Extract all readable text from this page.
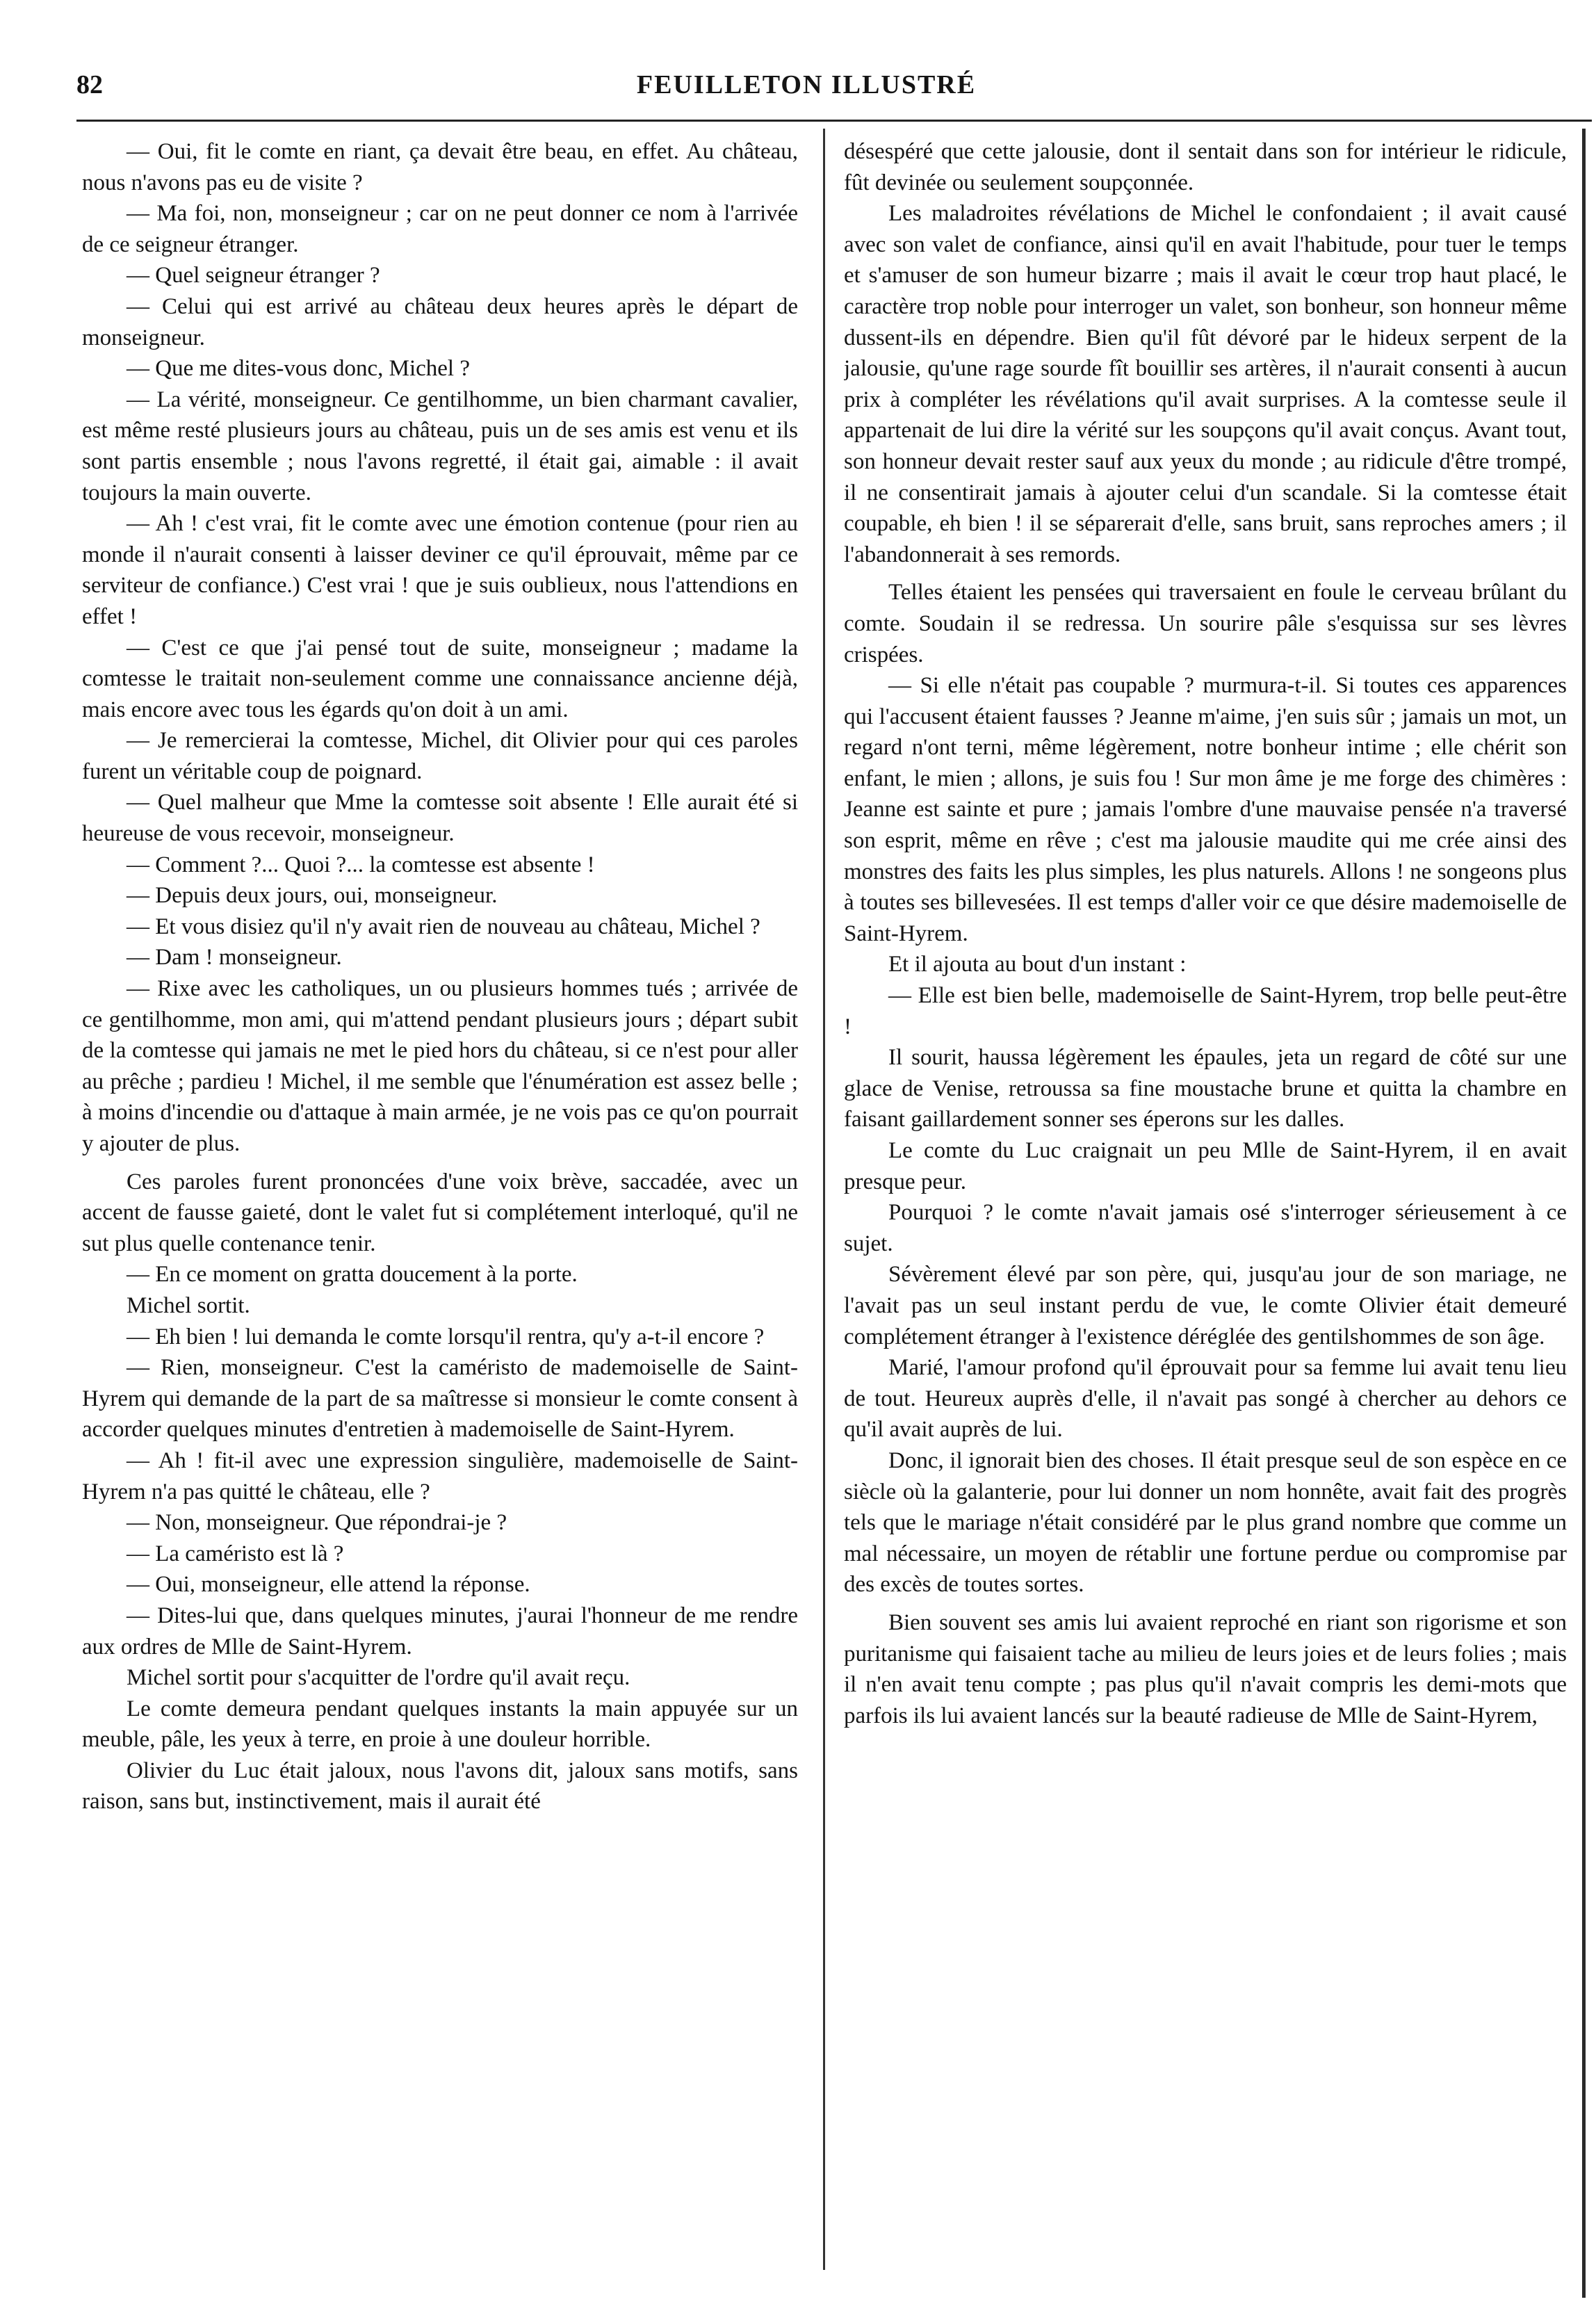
82	FEUILLETON ILLUSTRÉ

— Oui, fit le comte en riant, ça devait être beau, en effet. Au château, nous n'avons pas eu de visite ?

— Ma foi, non, monseigneur ; car on ne peut donner ce nom à l'arrivée de ce seigneur étranger.

— Quel seigneur étranger ?

— Celui qui est arrivé au château deux heures après le départ de monseigneur.

— Que me dites-vous donc, Michel ?

— La vérité, monseigneur. Ce gentilhomme, un bien charmant cavalier, est même resté plusieurs jours au château, puis un de ses amis est venu et ils sont partis ensemble ; nous l'avons regretté, il était gai, aimable : il avait toujours la main ouverte.

— Ah ! c'est vrai, fit le comte avec une émotion contenue (pour rien au monde il n'aurait consenti à laisser deviner ce qu'il éprouvait, même par ce serviteur de confiance.) C'est vrai ! que je suis oublieux, nous l'attendions en effet !

— C'est ce que j'ai pensé tout de suite, monseigneur ; madame la comtesse le traitait non-seulement comme une connaissance ancienne déjà, mais encore avec tous les égards qu'on doit à un ami.

— Je remercierai la comtesse, Michel, dit Olivier pour qui ces paroles furent un véritable coup de poignard.

— Quel malheur que Mme la comtesse soit absente ! Elle aurait été si heureuse de vous recevoir, monseigneur.

— Comment ?... Quoi ?... la comtesse est absente !

— Depuis deux jours, oui, monseigneur.

— Et vous disiez qu'il n'y avait rien de nouveau au château, Michel ?

— Dam ! monseigneur.

— Rixe avec les catholiques, un ou plusieurs hommes tués ; arrivée de ce gentilhomme, mon ami, qui m'attend pendant plusieurs jours ; départ subit de la comtesse qui jamais ne met le pied hors du château, si ce n'est pour aller au prêche ; pardieu ! Michel, il me semble que l'énumération est assez belle ; à moins d'incendie ou d'attaque à main armée, je ne vois pas ce qu'on pourrait y ajouter de plus.

Ces paroles furent prononcées d'une voix brève, saccadée, avec un accent de fausse gaieté, dont le valet fut si complétement interloqué, qu'il ne sut plus quelle contenance tenir.

— En ce moment on gratta doucement à la porte.

Michel sortit.

— Eh bien ! lui demanda le comte lorsqu'il rentra, qu'y a-t-il encore ?

— Rien, monseigneur. C'est la caméristo de mademoiselle de Saint-Hyrem qui demande de la part de sa maîtresse si monsieur le comte consent à accorder quelques minutes d'entretien à mademoiselle de Saint-Hyrem.

— Ah ! fit-il avec une expression singulière, mademoiselle de Saint-Hyrem n'a pas quitté le château, elle ?

— Non, monseigneur. Que répondrai-je ?

— La caméristo est là ?

— Oui, monseigneur, elle attend la réponse.

— Dites-lui que, dans quelques minutes, j'aurai l'honneur de me rendre aux ordres de Mlle de Saint-Hyrem.

Michel sortit pour s'acquitter de l'ordre qu'il avait reçu.

Le comte demeura pendant quelques instants la main appuyée sur un meuble, pâle, les yeux à terre, en proie à une douleur horrible.

Olivier du Luc était jaloux, nous l'avons dit, jaloux sans motifs, sans raison, sans but, instinctivement, mais il aurait été

désespéré que cette jalousie, dont il sentait dans son for intérieur le ridicule, fût devinée ou seulement soupçonnée.

Les maladroites révélations de Michel le confondaient ; il avait causé avec son valet de confiance, ainsi qu'il en avait l'habitude, pour tuer le temps et s'amuser de son humeur bizarre ; mais il avait le cœur trop haut placé, le caractère trop noble pour interroger un valet, son bonheur, son honneur même dussent-ils en dépendre. Bien qu'il fût dévoré par le hideux serpent de la jalousie, qu'une rage sourde fît bouillir ses artères, il n'aurait consenti à aucun prix à compléter les révélations qu'il avait surprises. A la comtesse seule il appartenait de lui dire la vérité sur les soupçons qu'il avait conçus. Avant tout, son honneur devait rester sauf aux yeux du monde ; au ridicule d'être trompé, il ne consentirait jamais à ajouter celui d'un scandale. Si la comtesse était coupable, eh bien ! il se séparerait d'elle, sans bruit, sans reproches amers ; il l'abandonnerait à ses remords.

Telles étaient les pensées qui traversaient en foule le cerveau brûlant du comte. Soudain il se redressa. Un sourire pâle s'esquissa sur ses lèvres crispées.

— Si elle n'était pas coupable ? murmura-t-il. Si toutes ces apparences qui l'accusent étaient fausses ? Jeanne m'aime, j'en suis sûr ; jamais un mot, un regard n'ont terni, même légèrement, notre bonheur intime ; elle chérit son enfant, le mien ; allons, je suis fou ! Sur mon âme je me forge des chimères : Jeanne est sainte et pure ; jamais l'ombre d'une mauvaise pensée n'a traversé son esprit, même en rêve ; c'est ma jalousie maudite qui me crée ainsi des monstres des faits les plus simples, les plus naturels. Allons ! ne songeons plus à toutes ses billevesées. Il est temps d'aller voir ce que désire mademoiselle de Saint-Hyrem.

Et il ajouta au bout d'un instant :

— Elle est bien belle, mademoiselle de Saint-Hyrem, trop belle peut-être !

Il sourit, haussa légèrement les épaules, jeta un regard de côté sur une glace de Venise, retroussa sa fine moustache brune et quitta la chambre en faisant gaillardement sonner ses éperons sur les dalles.

Le comte du Luc craignait un peu Mlle de Saint-Hyrem, il en avait presque peur.

Pourquoi ? le comte n'avait jamais osé s'interroger sérieusement à ce sujet.

Sévèrement élevé par son père, qui, jusqu'au jour de son mariage, ne l'avait pas un seul instant perdu de vue, le comte Olivier était demeuré complétement étranger à l'existence déréglée des gentilshommes de son âge.

Marié, l'amour profond qu'il éprouvait pour sa femme lui avait tenu lieu de tout. Heureux auprès d'elle, il n'avait pas songé à chercher au dehors ce qu'il avait auprès de lui.

Donc, il ignorait bien des choses. Il était presque seul de son espèce en ce siècle où la galanterie, pour lui donner un nom honnête, avait fait des progrès tels que le mariage n'était considéré par le plus grand nombre que comme un mal nécessaire, un moyen de rétablir une fortune perdue ou compromise par des excès de toutes sortes.

Bien souvent ses amis lui avaient reproché en riant son rigorisme et son puritanisme qui faisaient tache au milieu de leurs joies et de leurs folies ; mais il n'en avait tenu compte ; pas plus qu'il n'avait compris les demi-mots que parfois ils lui avaient lancés sur la beauté radieuse de Mlle de Saint-Hyrem,
